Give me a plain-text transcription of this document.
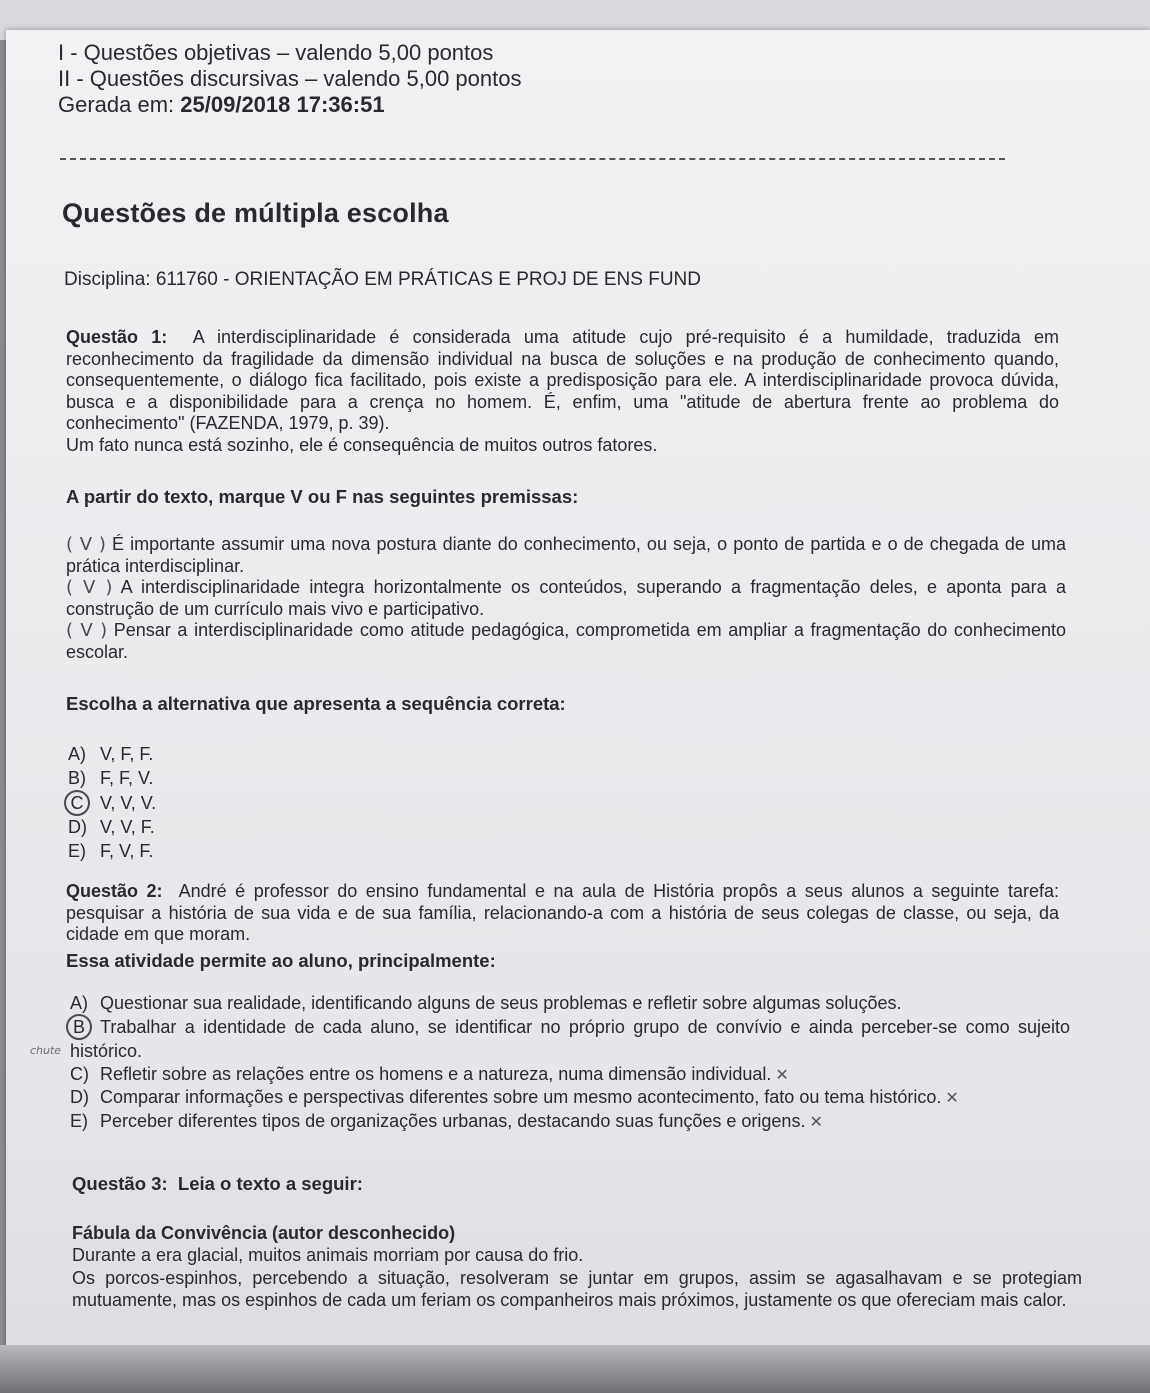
I - Questões objetivas – valendo 5,00 pontos
II - Questões discursivas – valendo 5,00 pontos
Gerada em: 25/09/2018 17:36:51
Questões de múltipla escolha
Disciplina: 611760 - ORIENTAÇÃO EM PRÁTICAS E PROJ DE ENS FUND
Questão 1: A interdisciplinaridade é considerada uma atitude cujo pré-requisito é a humildade, traduzida em reconhecimento da fragilidade da dimensão individual na busca de soluções e na produção de conhecimento quando, consequentemente, o diálogo fica facilitado, pois existe a predisposição para ele. A interdisciplinaridade provoca dúvida, busca e a disponibilidade para a crença no homem. É, enfim, uma "atitude de abertura frente ao problema do conhecimento" (FAZENDA, 1979, p. 39).
Um fato nunca está sozinho, ele é consequência de muitos outros fatores.
A partir do texto, marque V ou F nas seguintes premissas:
( V ) É importante assumir uma nova postura diante do conhecimento, ou seja, o ponto de partida e o de chegada de uma prática interdisciplinar.
( V ) A interdisciplinaridade integra horizontalmente os conteúdos, superando a fragmentação deles, e aponta para a construção de um currículo mais vivo e participativo.
( V ) Pensar a interdisciplinaridade como atitude pedagógica, comprometida em ampliar a fragmentação do conhecimento escolar.
Escolha a alternativa que apresenta a sequência correta:
A) V, F, F.
B) F, F, V.
C V, V, V.
D) V, V, F.
E) F, V, F.
Questão 2: André é professor do ensino fundamental e na aula de História propôs a seus alunos a seguinte tarefa: pesquisar a história de sua vida e de sua família, relacionando-a com a história de seus colegas de classe, ou seja, da cidade em que moram.
Essa atividade permite ao aluno, principalmente:
A) Questionar sua realidade, identificando alguns de seus problemas e refletir sobre algumas soluções.
chute
B Trabalhar a identidade de cada aluno, se identificar no próprio grupo de convívio e ainda perceber-se como sujeito histórico.
C) Refletir sobre as relações entre os homens e a natureza, numa dimensão individual. ✕
D) Comparar informações e perspectivas diferentes sobre um mesmo acontecimento, fato ou tema histórico. ✕
E) Perceber diferentes tipos de organizações urbanas, destacando suas funções e origens. ✕
Questão 3: Leia o texto a seguir:
Fábula da Convivência (autor desconhecido)
Durante a era glacial, muitos animais morriam por causa do frio.
Os porcos-espinhos, percebendo a situação, resolveram se juntar em grupos, assim se agasalhavam e se protegiam mutuamente, mas os espinhos de cada um feriam os companheiros mais próximos, justamente os que ofereciam mais calor.
